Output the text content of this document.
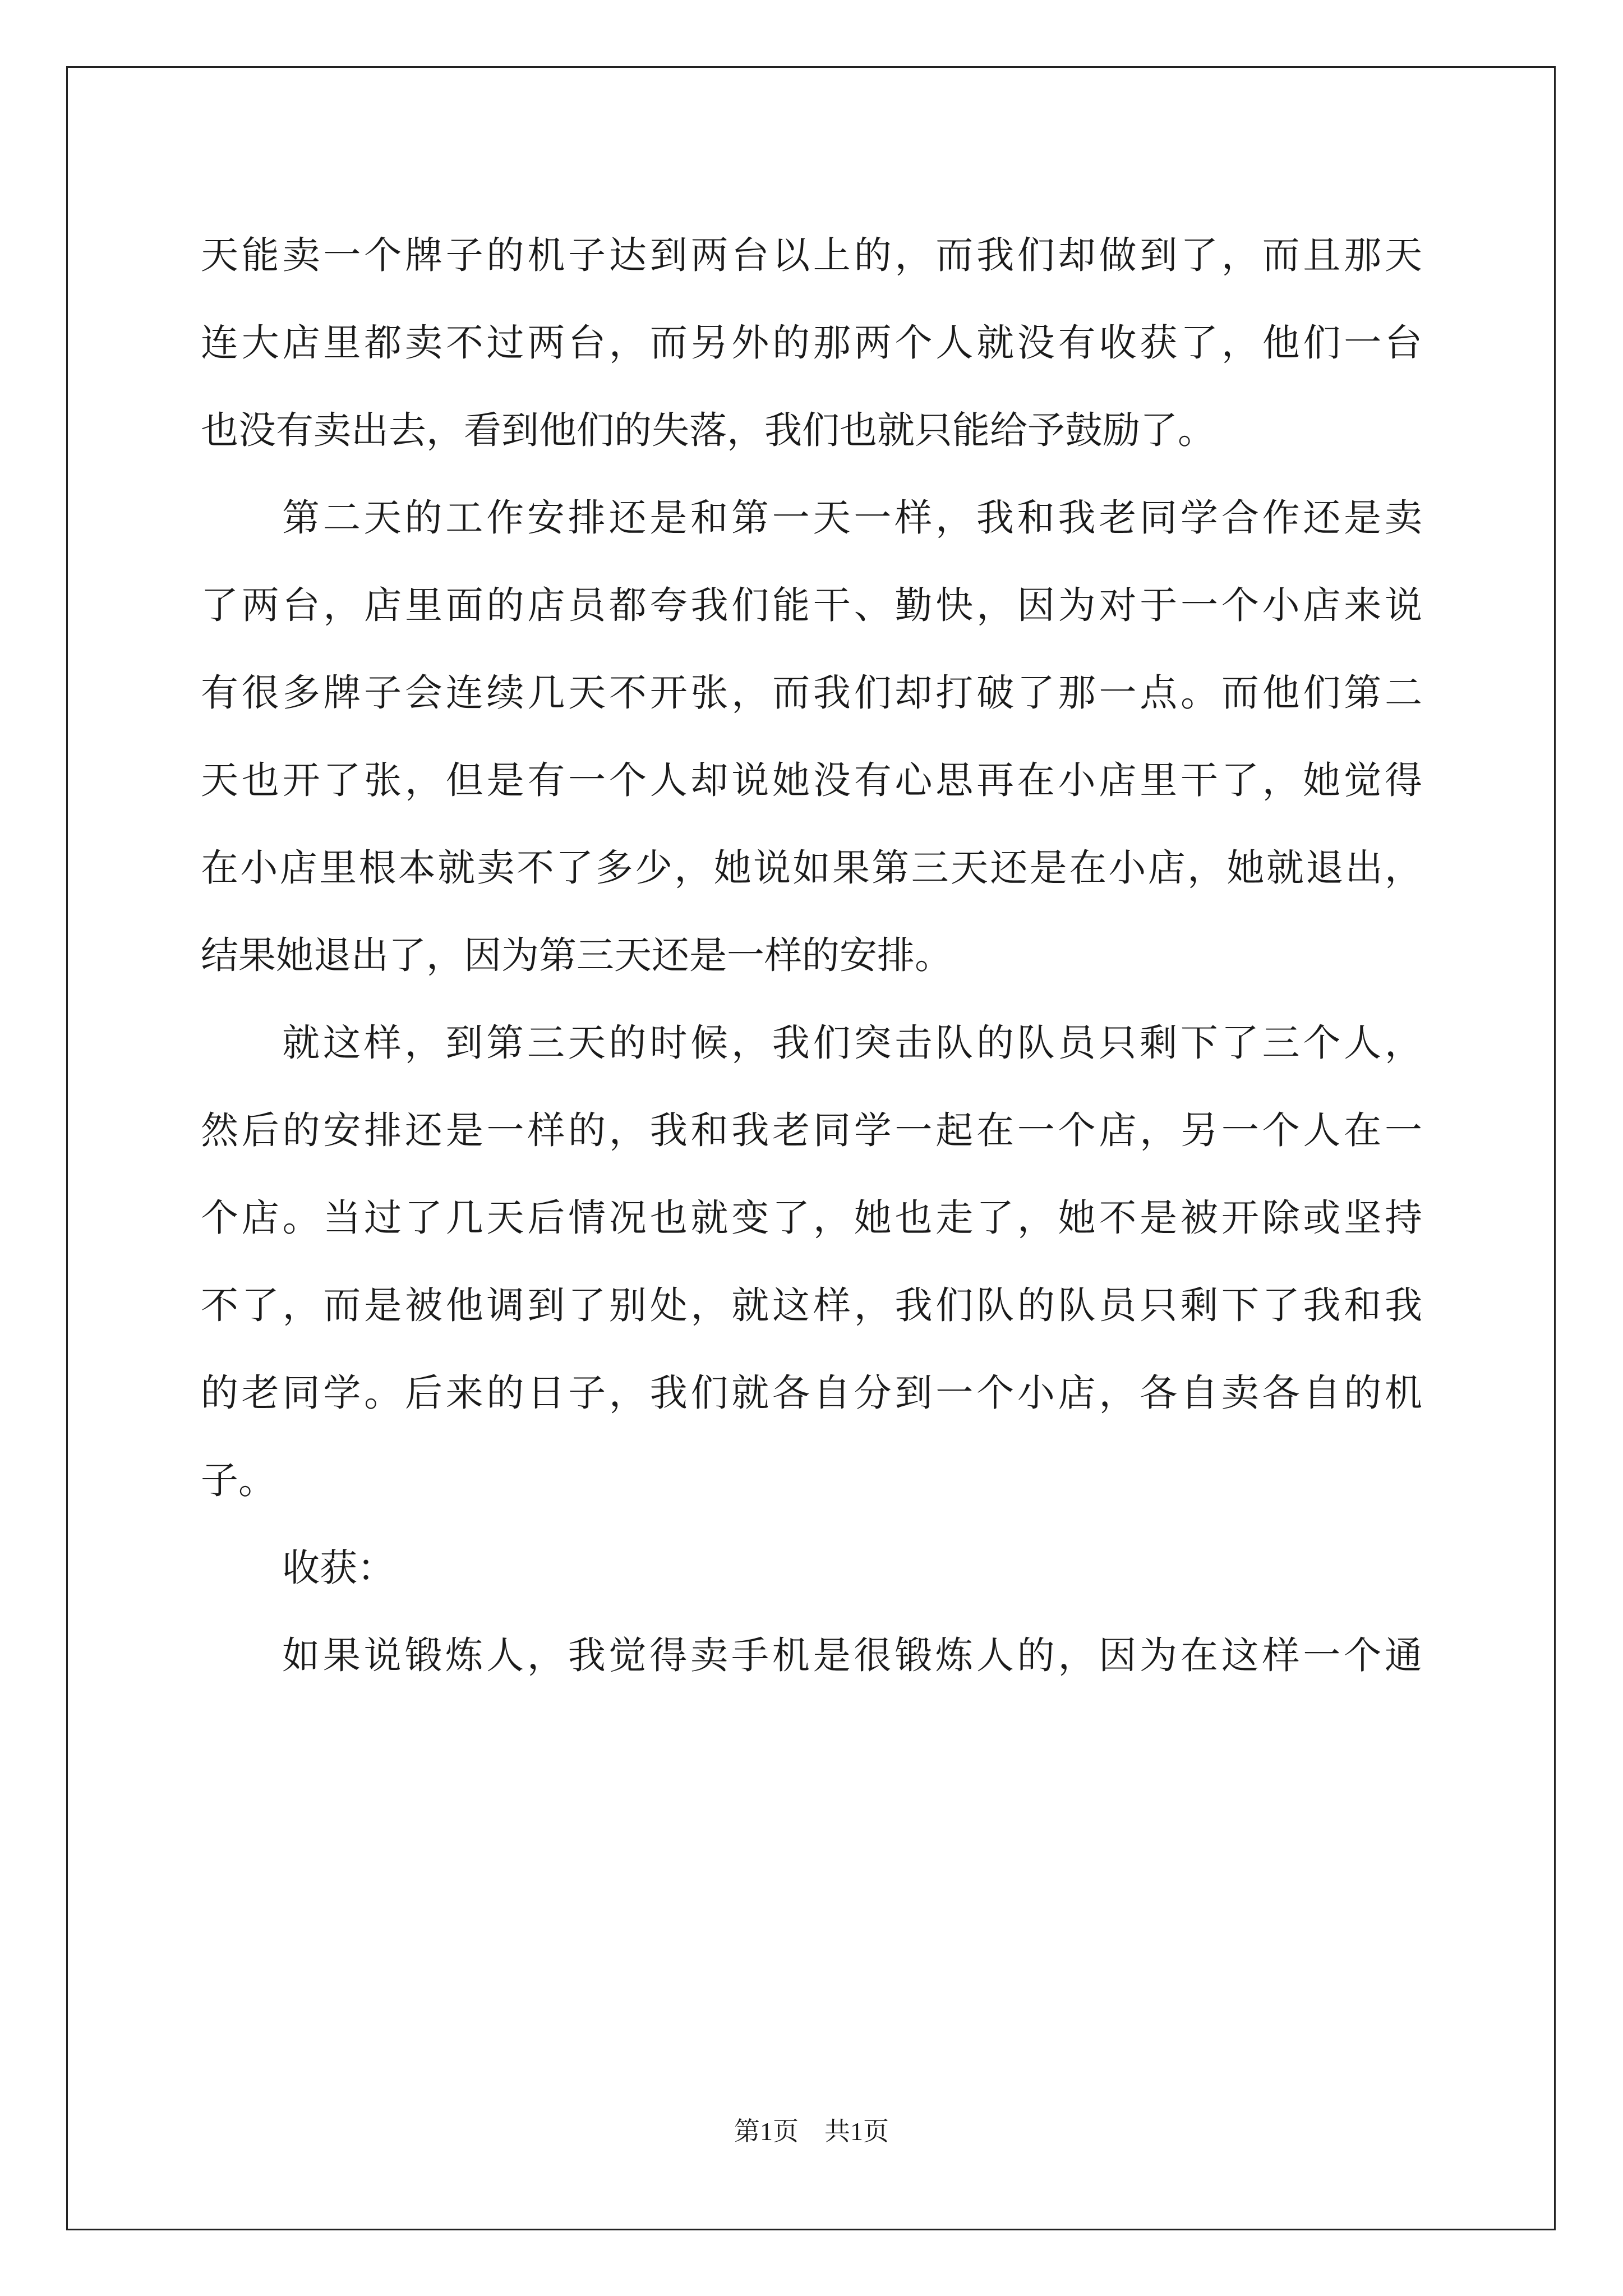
天能卖一个牌子的机子达到两台以上的，而我们却做到了，而且那天
连大店里都卖不过两台，而另外的那两个人就没有收获了，他们一台
也没有卖出去，看到他们的失落，我们也就只能给予鼓励了。
第二天的工作安排还是和第一天一样，我和我老同学合作还是卖
了两台，店里面的店员都夸我们能干、勤快，因为对于一个小店来说
有很多牌子会连续几天不开张，而我们却打破了那一点。而他们第二
天也开了张，但是有一个人却说她没有心思再在小店里干了，她觉得
在小店里根本就卖不了多少，她说如果第三天还是在小店，她就退出，
结果她退出了，因为第三天还是一样的安排。
就这样，到第三天的时候，我们突击队的队员只剩下了三个人，
然后的安排还是一样的，我和我老同学一起在一个店，另一个人在一
个店。当过了几天后情况也就变了，她也走了，她不是被开除或坚持
不了，而是被他调到了别处，就这样，我们队的队员只剩下了我和我
的老同学。后来的日子，我们就各自分到一个小店，各自卖各自的机
子。
收获：
如果说锻炼人，我觉得卖手机是很锻炼人的，因为在这样一个通
第1页 共1页
